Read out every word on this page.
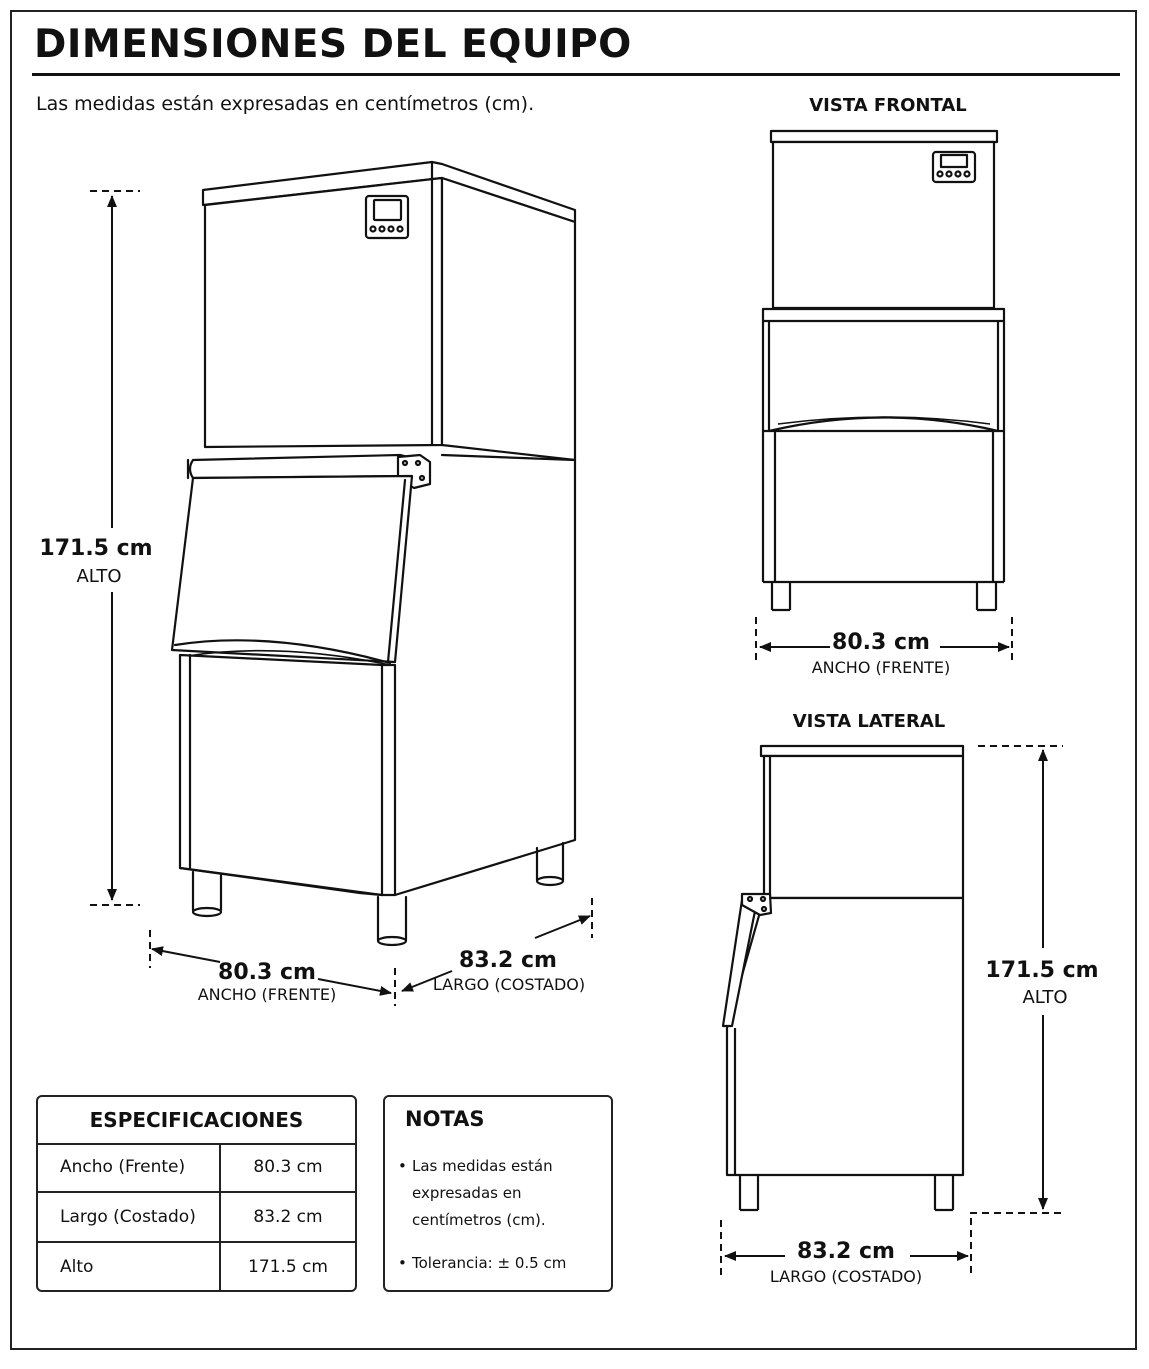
DIMENSIONES DEL EQUIPO
Las medidas están expresadas en centímetros (cm).
171.5 cm
ALTO
80.3 cm
ANCHO (FRENTE)
83.2 cm
LARGO (COSTADO)
VISTA FRONTAL
80.3 cm
ANCHO (FRENTE)
VISTA LATERAL
171.5 cm
ALTO
83.2 cm
LARGO (COSTADO)
ESPECIFICACIONES
Ancho (Frente)	80.3 cm
Largo (Costado)	83.2 cm
Alto	171.5 cm
NOTAS
• Las medidas están expresadas en centímetros (cm).
• Tolerancia: ± 0.5 cm
